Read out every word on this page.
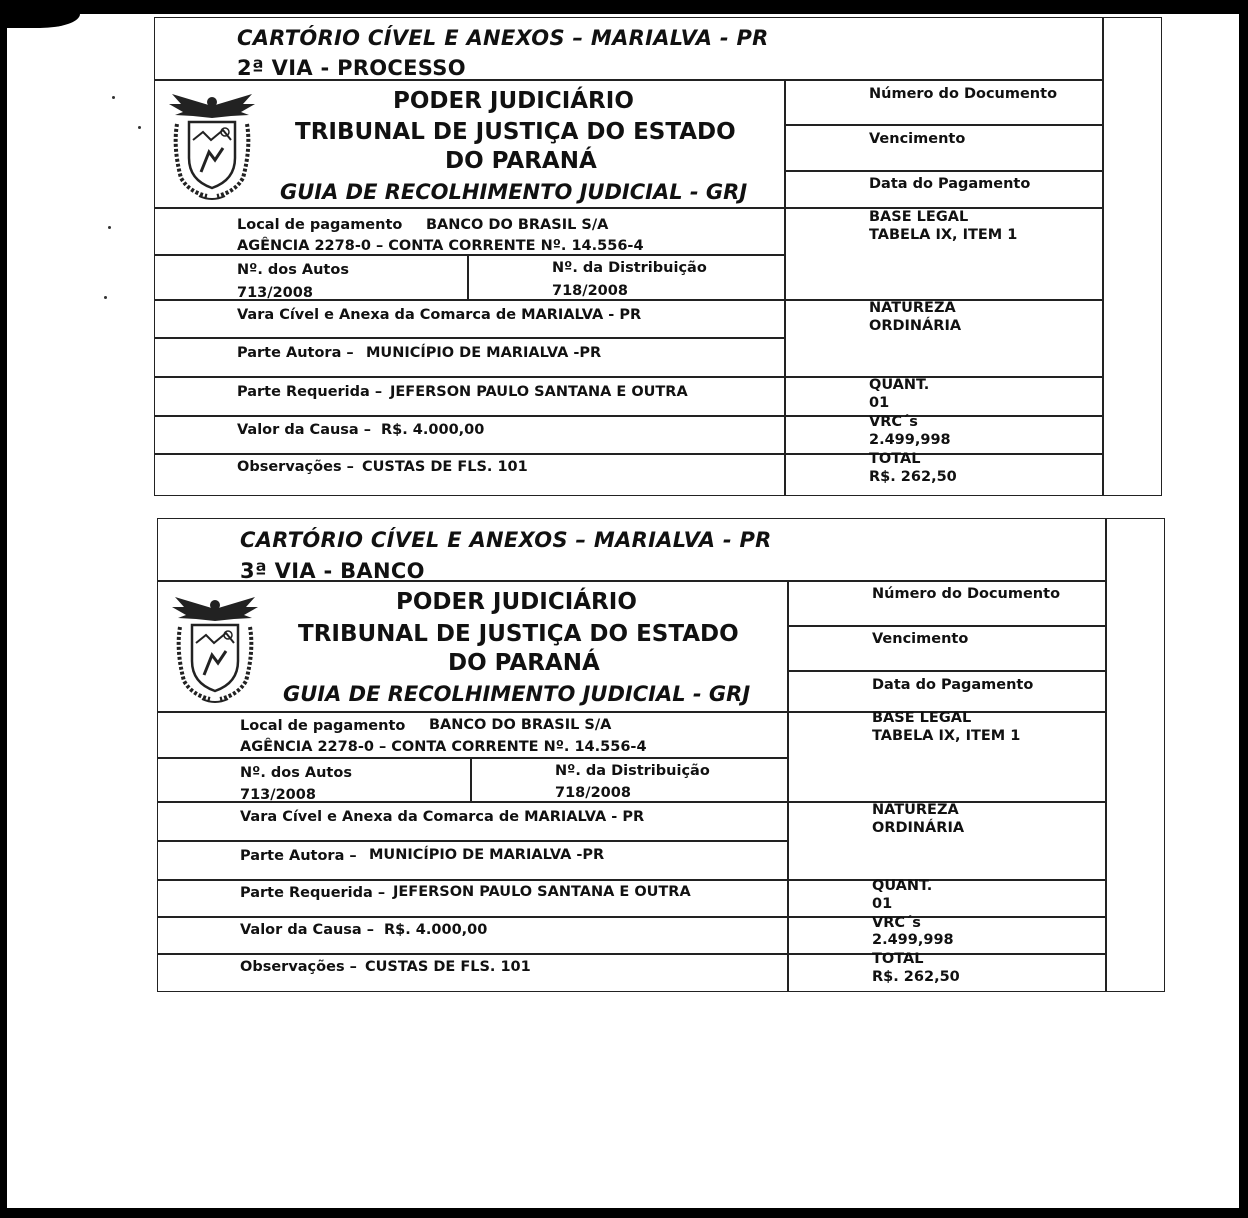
CARTÓRIO CÍVEL E ANEXOS – MARIALVA - PR
2ª VIA - PROCESSO
PODER JUDICIÁRIO
TRIBUNAL DE JUSTIÇA DO ESTADO
DO PARANÁ
GUIA DE RECOLHIMENTO JUDICIAL - GRJ
Número do Documento
Vencimento
Data do Pagamento
Local de pagamento BANCO DO BRASIL S/A
AGÊNCIA 2278-0 – CONTA CORRENTE Nº. 14.556-4
Nº. dos Autos
713/2008
Nº. da Distribuição
718/2008
Vara Cível e Anexa da Comarca de MARIALVA - PR
Parte Autora – MUNICÍPIO DE MARIALVA -PR
Parte Requerida – JEFERSON PAULO SANTANA E OUTRA
Valor da Causa – R$. 4.000,00
Observações – CUSTAS DE FLS. 101
BASE LEGAL
TABELA IX, ITEM 1
NATUREZA
ORDINÁRIA
QUANT.
01
VRC´s
2.499,998
TOTAL
R$. 262,50
CARTÓRIO CÍVEL E ANEXOS – MARIALVA - PR
3ª VIA - BANCO
PODER JUDICIÁRIO
TRIBUNAL DE JUSTIÇA DO ESTADO
DO PARANÁ
GUIA DE RECOLHIMENTO JUDICIAL - GRJ
Número do Documento
Vencimento
Data do Pagamento
Local de pagamento BANCO DO BRASIL S/A
AGÊNCIA 2278-0 – CONTA CORRENTE Nº. 14.556-4
Nº. dos Autos
713/2008
Nº. da Distribuição
718/2008
Vara Cível e Anexa da Comarca de MARIALVA - PR
Parte Autora – MUNICÍPIO DE MARIALVA -PR
Parte Requerida – JEFERSON PAULO SANTANA E OUTRA
Valor da Causa – R$. 4.000,00
Observações – CUSTAS DE FLS. 101
BASE LEGAL
TABELA IX, ITEM 1
NATUREZA
ORDINÁRIA
QUANT.
01
VRC´s
2.499,998
TOTAL
R$. 262,50
